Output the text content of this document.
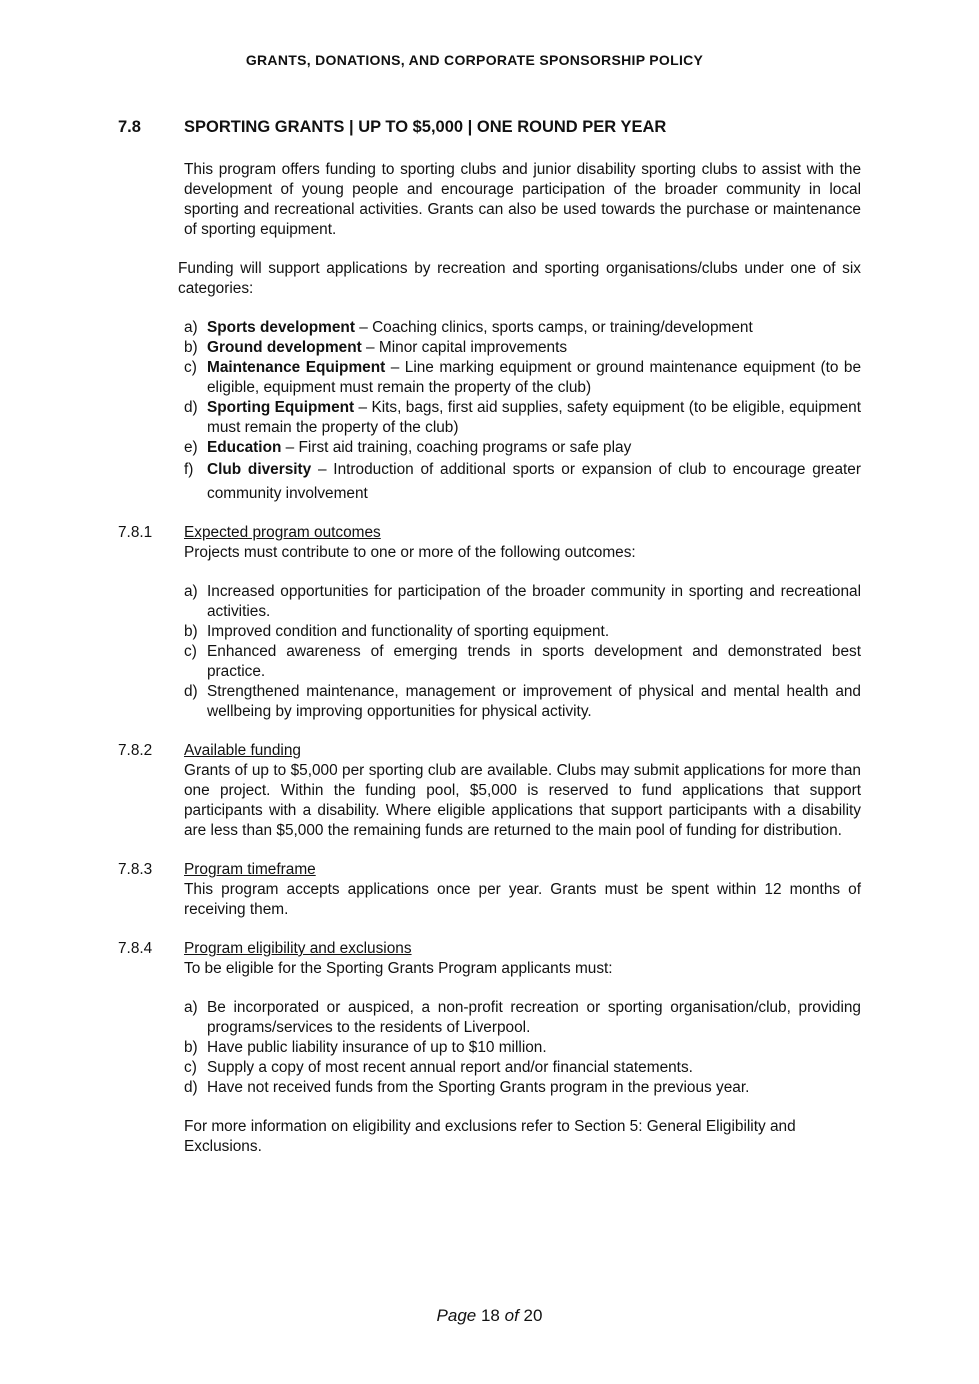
GRANTS, DONATIONS, AND CORPORATE SPONSORSHIP POLICY
7.8	SPORTING GRANTS | UP TO $5,000 | ONE ROUND PER YEAR

This program offers funding to sporting clubs and junior disability sporting clubs to assist with the development of young people and encourage participation of the broader community in local sporting and recreational activities. Grants can also be used towards the purchase or maintenance of sporting equipment.

Funding will support applications by recreation and sporting organisations/clubs under one of six categories:

a) Sports development – Coaching clinics, sports camps, or training/development
b) Ground development – Minor capital improvements
c) Maintenance Equipment – Line marking equipment or ground maintenance equipment (to be eligible, equipment must remain the property of the club)
d) Sporting Equipment – Kits, bags, first aid supplies, safety equipment (to be eligible, equipment must remain the property of the club)
e) Education – First aid training, coaching programs or safe play
f) Club diversity – Introduction of additional sports or expansion of club to encourage greater community involvement
7.8.1 Expected program outcomes
Projects must contribute to one or more of the following outcomes:
a) Increased opportunities for participation of the broader community in sporting and recreational activities.
b) Improved condition and functionality of sporting equipment.
c) Enhanced awareness of emerging trends in sports development and demonstrated best practice.
d) Strengthened maintenance, management or improvement of physical and mental health and wellbeing by improving opportunities for physical activity.
7.8.2 Available funding

Grants of up to $5,000 per sporting club are available. Clubs may submit applications for more than one project. Within the funding pool, $5,000 is reserved to fund applications that support participants with a disability. Where eligible applications that support participants with a disability are less than $5,000 the remaining funds are returned to the main pool of funding for distribution.

7.8.3 Program timeframe

This program accepts applications once per year. Grants must be spent within 12 months of receiving them.

7.8.4 Program eligibility and exclusions
To be eligible for the Sporting Grants Program applicants must:
a) Be incorporated or auspiced, a non-profit recreation or sporting organisation/club, providing programs/services to the residents of Liverpool.
b) Have public liability insurance of up to $10 million.
c) Supply a copy of most recent annual report and/or financial statements.
d) Have not received funds from the Sporting Grants program in the previous year.

For more information on eligibility and exclusions refer to Section 5: General Eligibility and Exclusions.

Page 18 of 20
